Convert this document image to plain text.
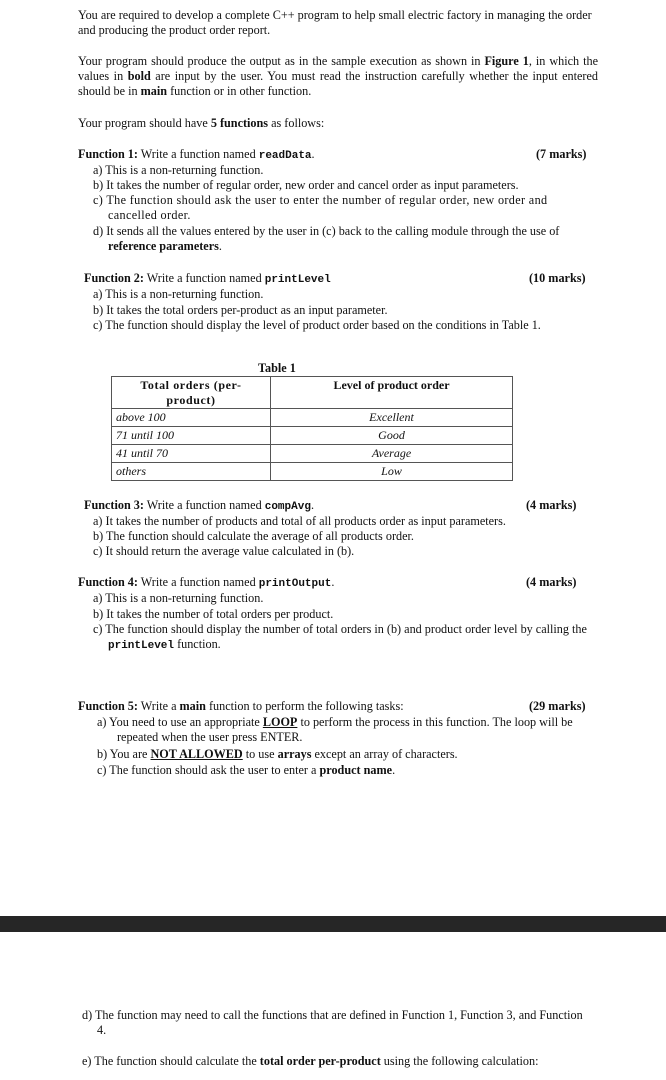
You are required to develop a complete C++ program to help small electric factory in managing the order and producing the product order report.
Your program should produce the output as in the sample execution as shown in Figure 1, in which the values in bold are input by the user. You must read the instruction carefully whether the input entered should be in main function or in other function.
Your program should have 5 functions as follows:
Function 1: Write a function named readData.	(7 marks)
a) This is a non-returning function.
b) It takes the number of regular order, new order and cancel order as input parameters.
c) The function should ask the user to enter the number of regular order, new order and cancelled order.
d) It sends all the values entered by the user in (c) back to the calling module through the use of reference parameters.
Function 2: Write a function named printLevel	(10 marks)
a) This is a non-returning function.
b) It takes the total orders per-product as an input parameter.
c) The function should display the level of product order based on the conditions in Table 1.
Table 1
Total orders (per-product)	Level of product order
above 100	Excellent
71 until 100	Good
41 until 70	Average
others	Low
Function 3: Write a function named compAvg.	(4 marks)
a) It takes the number of products and total of all products order as input parameters.
b) The function should calculate the average of all products order.
c) It should return the average value calculated in (b).
Function 4: Write a function named printOutput.	(4 marks)
a) This is a non-returning function.
b) It takes the number of total orders per product.
c) The function should display the number of total orders in (b) and product order level by calling the printLevel function.
Function 5: Write a main function to perform the following tasks:	(29 marks)
a) You need to use an appropriate LOOP to perform the process in this function. The loop will be repeated when the user press ENTER.
b) You are NOT ALLOWED to use arrays except an array of characters.
c) The function should ask the user to enter a product name.
d) The function may need to call the functions that are defined in Function 1, Function 3, and Function 4.
e) The function should calculate the total order per-product using the following calculation:
